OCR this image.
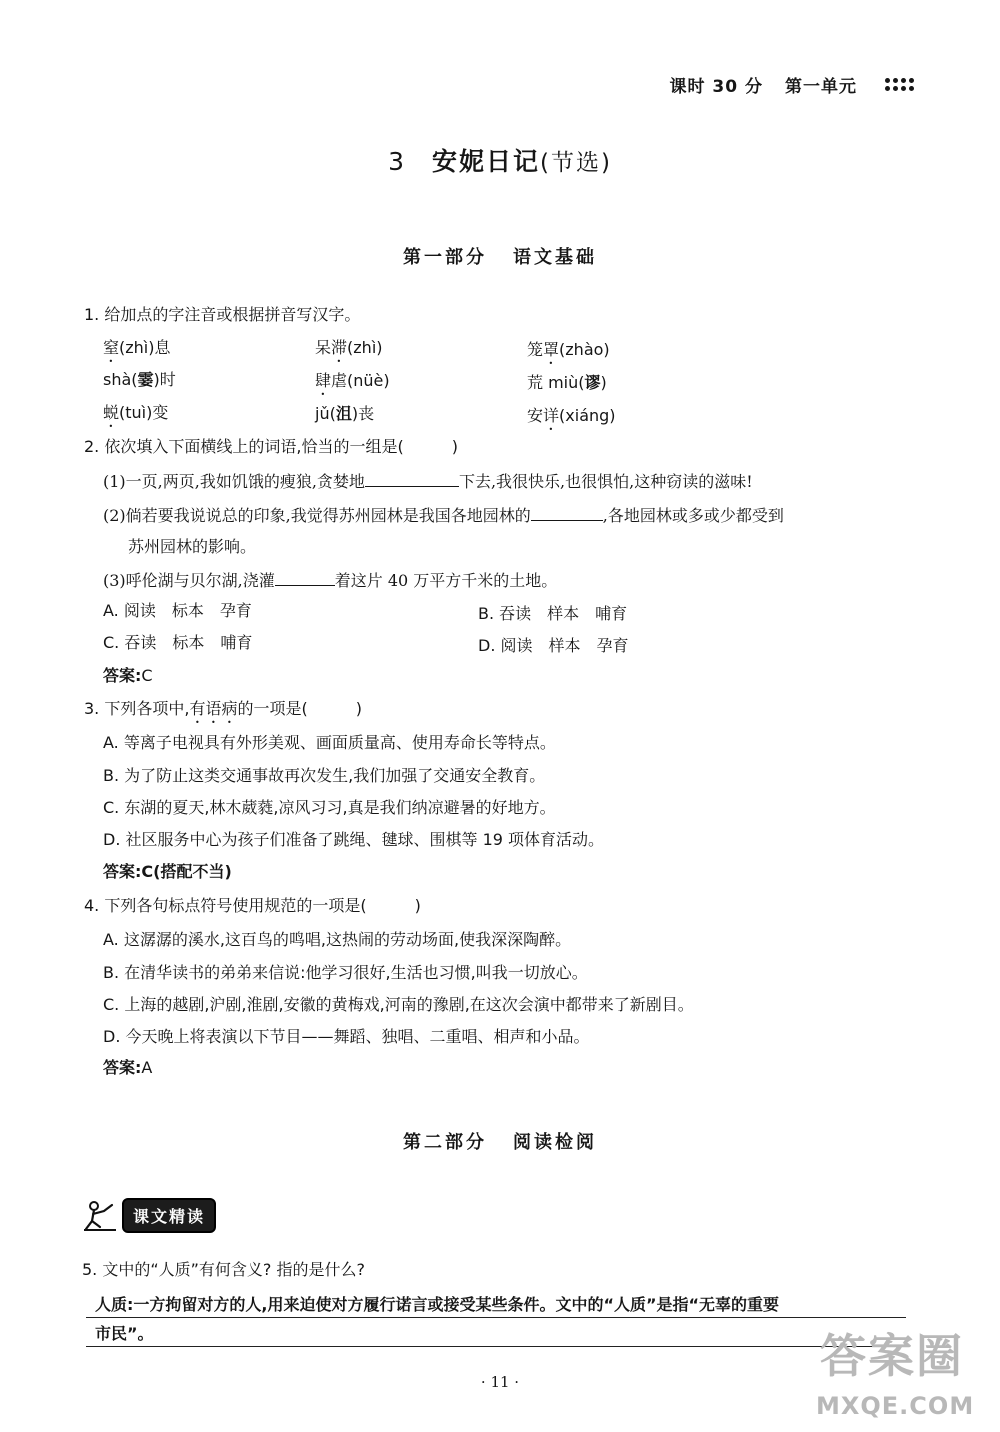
课时 30 分 第一单元
3 安妮日记(节选)
第一部分 语文基础
1. 给加点的字注音或根据拼音写汉字。
窒(zhì)息	呆滞(zhì)	笼罩(zhào)
shà(霎)时	肆虐(nüè)	荒 miù(谬)
蜕(tuì)变	jǔ(沮)丧	安详(xiáng)
2. 依次填入下面横线上的词语,恰当的一组是(	)
(1)一页,两页,我如饥饿的瘦狼,贪婪地	下去,我很快乐,也很惧怕,这种窃读的滋味!
(2)倘若要我说说总的印象,我觉得苏州园林是我国各地园林的	,各地园林或多或少都受到
苏州园林的影响。
(3)呼伦湖与贝尔湖,浇灌	着这片 40 万平方千米的土地。
A. 阅读　标本　孕育	B. 吞读　样本　哺育
C. 吞读　标本　哺育	D. 阅读　样本　孕育
答案:C
3. 下列各项中,有语病的一项是(	)
A. 等离子电视具有外形美观、画面质量高、使用寿命长等特点。
B. 为了防止这类交通事故再次发生,我们加强了交通安全教育。
C. 东湖的夏天,林木葳蕤,凉风习习,真是我们纳凉避暑的好地方。
D. 社区服务中心为孩子们准备了跳绳、毽球、围棋等 19 项体育活动。
答案:C(搭配不当)
4. 下列各句标点符号使用规范的一项是(	)
A. 这潺潺的溪水,这百鸟的鸣唱,这热闹的劳动场面,使我深深陶醉。
B. 在清华读书的弟弟来信说:他学习很好,生活也习惯,叫我一切放心。
C. 上海的越剧,沪剧,淮剧,安徽的黄梅戏,河南的豫剧,在这次会演中都带来了新剧目。
D. 今天晚上将表演以下节目——舞蹈、独唱、二重唱、相声和小品。
答案:A
第二部分 阅读检阅
课文精读
5. 文中的“人质”有何含义? 指的是什么?
人质:一方拘留对方的人,用来迫使对方履行诺言或接受某些条件。文中的“人质”是指“无辜的重要
市民”。
· 11 ·	答案圈
MXQE.COM
